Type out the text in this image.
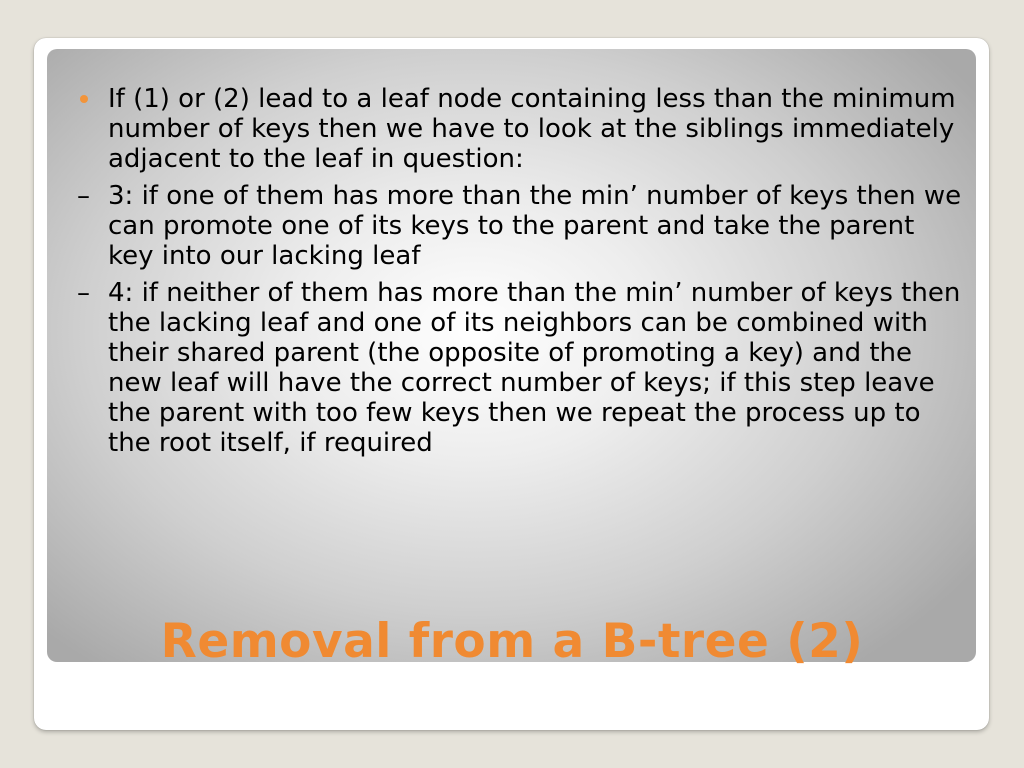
If (1) or (2) lead to a leaf node containing less than the minimum number of keys then we have to look at the siblings immediately adjacent to the leaf in question:
– 3: if one of them has more than the min’ number of keys then we can promote one of its keys to the parent and take the parent key into our lacking leaf
– 4: if neither of them has more than the min’ number of keys then the lacking leaf and one of its neighbors can be combined with their shared parent (the opposite of promoting a key) and the new leaf will have the correct number of keys; if this step leave the parent with too few keys then we repeat the process up to the root itself, if required
Removal from a B-tree (2)
